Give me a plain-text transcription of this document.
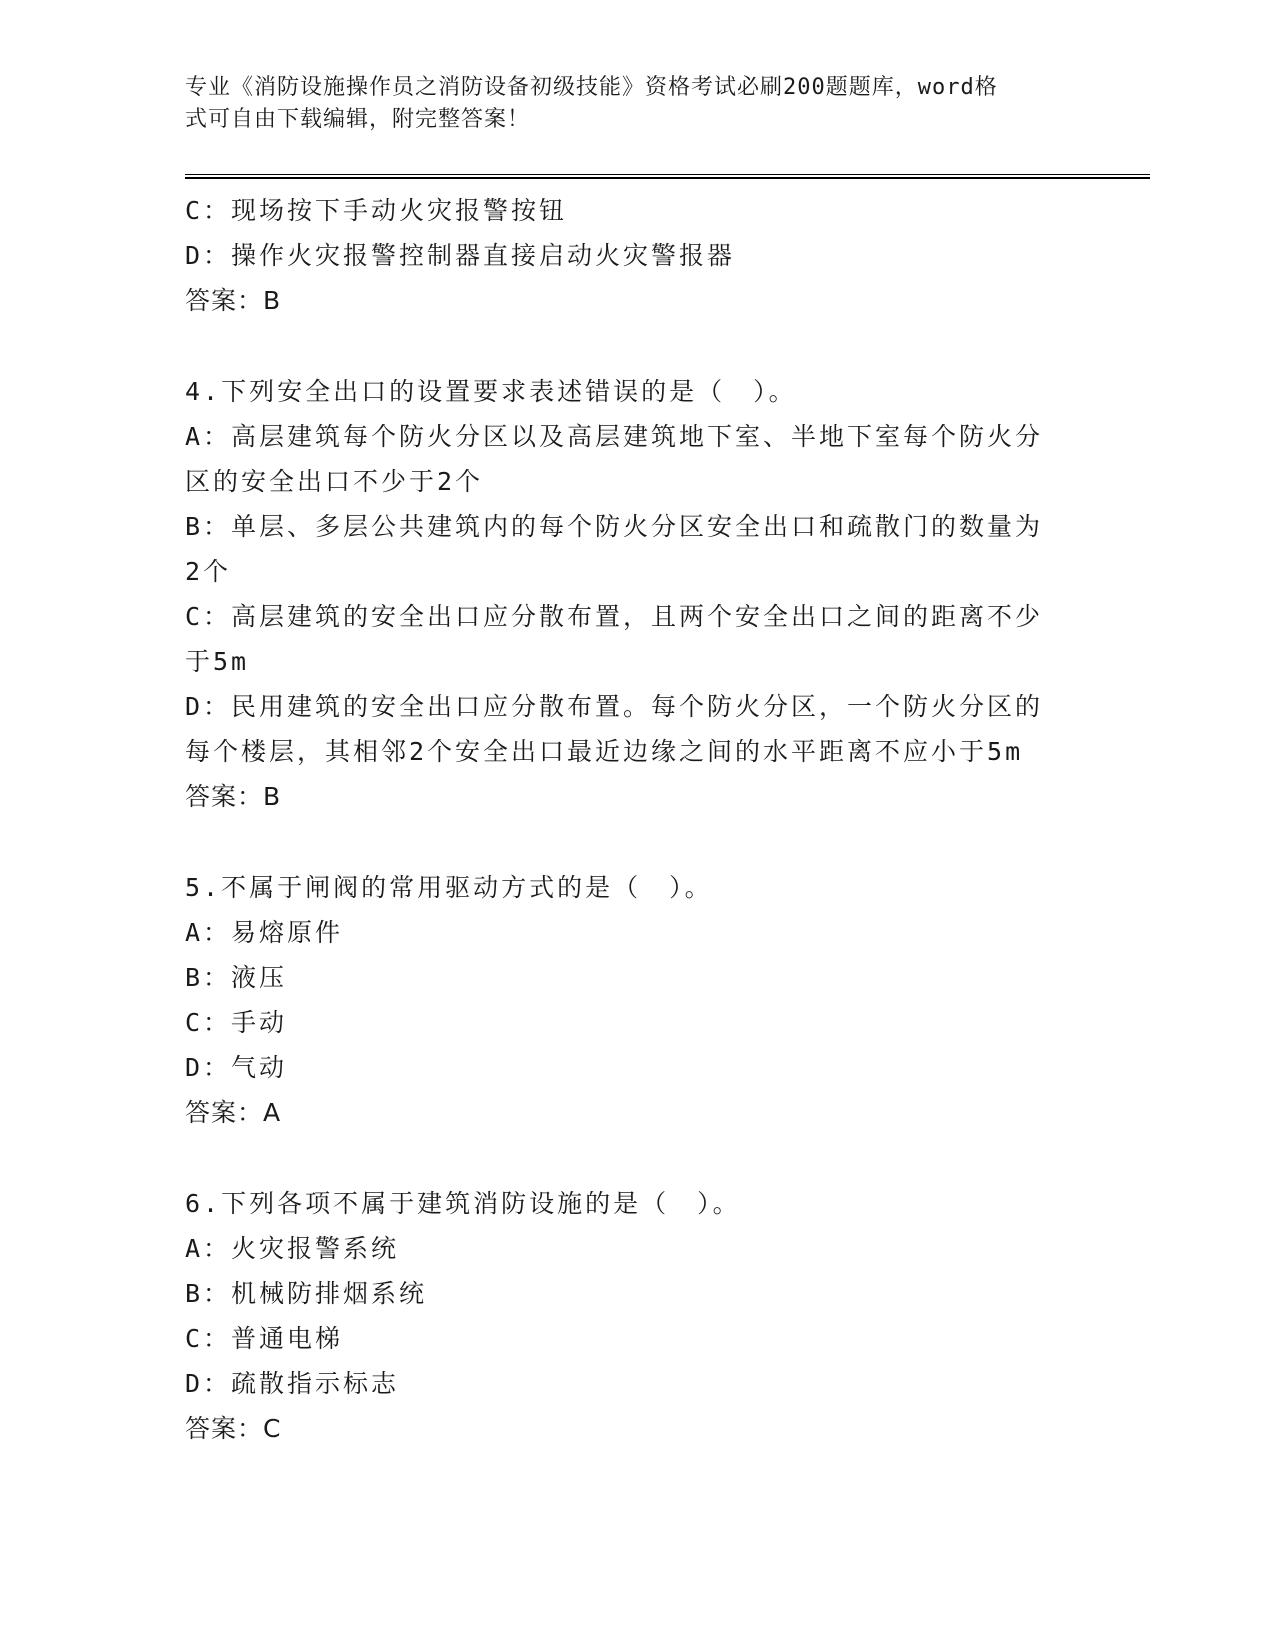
专业《消防设施操作员之消防设备初级技能》资格考试必刷200题题库，word格
式可自由下载编辑，附完整答案！
C：现场按下手动火灾报警按钮
D：操作火灾报警控制器直接启动火灾警报器
答案：B
4.下列安全出口的设置要求表述错误的是（　）。
A：高层建筑每个防火分区以及高层建筑地下室、半地下室每个防火分
区的安全出口不少于2个
B：单层、多层公共建筑内的每个防火分区安全出口和疏散门的数量为
2个
C：高层建筑的安全出口应分散布置，且两个安全出口之间的距离不少
于5m
D：民用建筑的安全出口应分散布置。每个防火分区，一个防火分区的
每个楼层，其相邻2个安全出口最近边缘之间的水平距离不应小于5m
答案：B
5.不属于闸阀的常用驱动方式的是（　）。
A：易熔原件
B：液压
C：手动
D：气动
答案：A
6.下列各项不属于建筑消防设施的是（　）。
A：火灾报警系统
B：机械防排烟系统
C：普通电梯
D：疏散指示标志
答案：C
